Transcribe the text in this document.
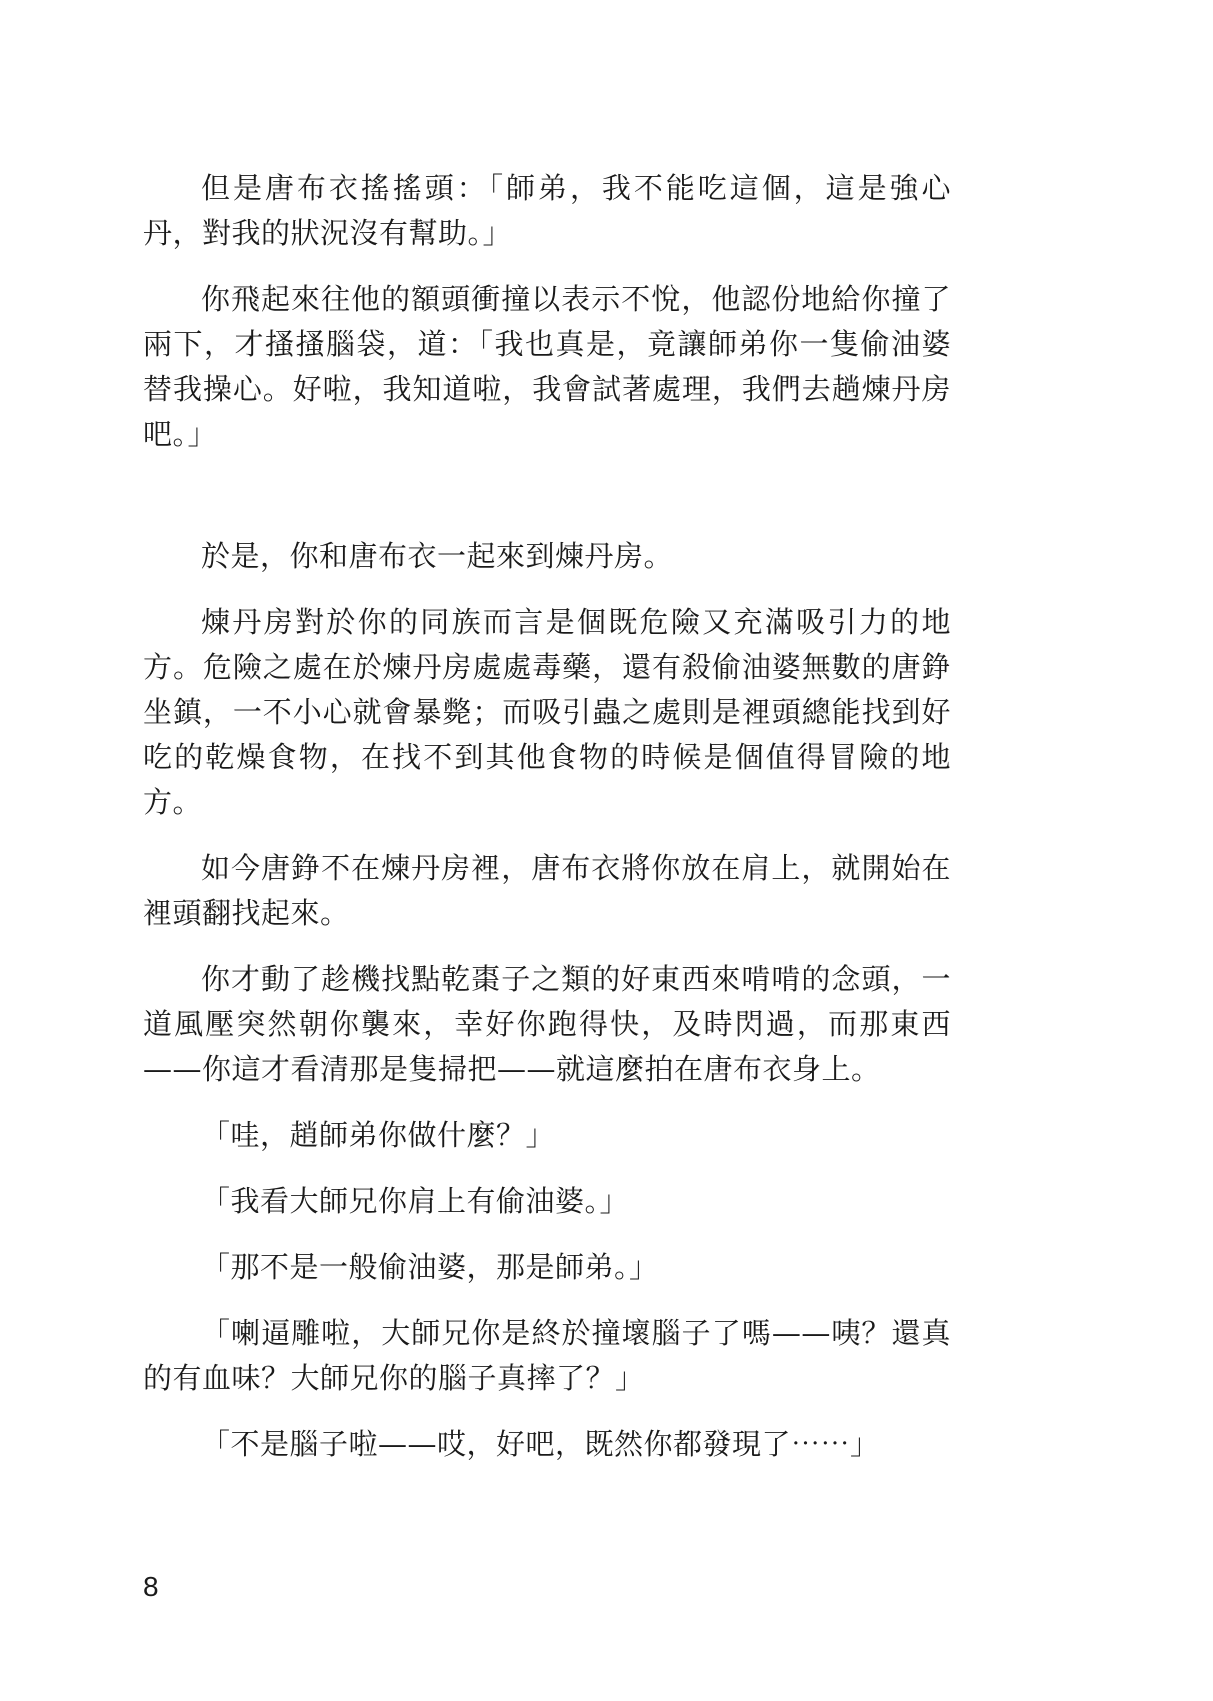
但是唐布衣搖搖頭：「師弟，我不能吃這個，這是強心丹，對我的狀況沒有幫助。」

你飛起來往他的額頭衝撞以表示不悅，他認份地給你撞了兩下，才搔搔腦袋，道：「我也真是，竟讓師弟你一隻偷油婆替我操心。好啦，我知道啦，我會試著處理，我們去趟煉丹房吧。」

於是，你和唐布衣一起來到煉丹房。

煉丹房對於你的同族而言是個既危險又充滿吸引力的地方。危險之處在於煉丹房處處毒藥，還有殺偷油婆無數的唐錚坐鎮，一不小心就會暴斃；而吸引蟲之處則是裡頭總能找到好吃的乾燥食物，在找不到其他食物的時候是個值得冒險的地方。

如今唐錚不在煉丹房裡，唐布衣將你放在肩上，就開始在裡頭翻找起來。

你才動了趁機找點乾棗子之類的好東西來啃啃的念頭，一道風壓突然朝你襲來，幸好你跑得快，及時閃過，而那東西——你這才看清那是隻掃把——就這麼拍在唐布衣身上。

「哇，趙師弟你做什麼？」

「我看大師兄你肩上有偷油婆。」

「那不是一般偷油婆，那是師弟。」

「喇逼雕啦，大師兄你是終於撞壞腦子了嗎——咦？還真的有血味？大師兄你的腦子真摔了？」

「不是腦子啦——哎，好吧，既然你都發現了⋯⋯」

8
